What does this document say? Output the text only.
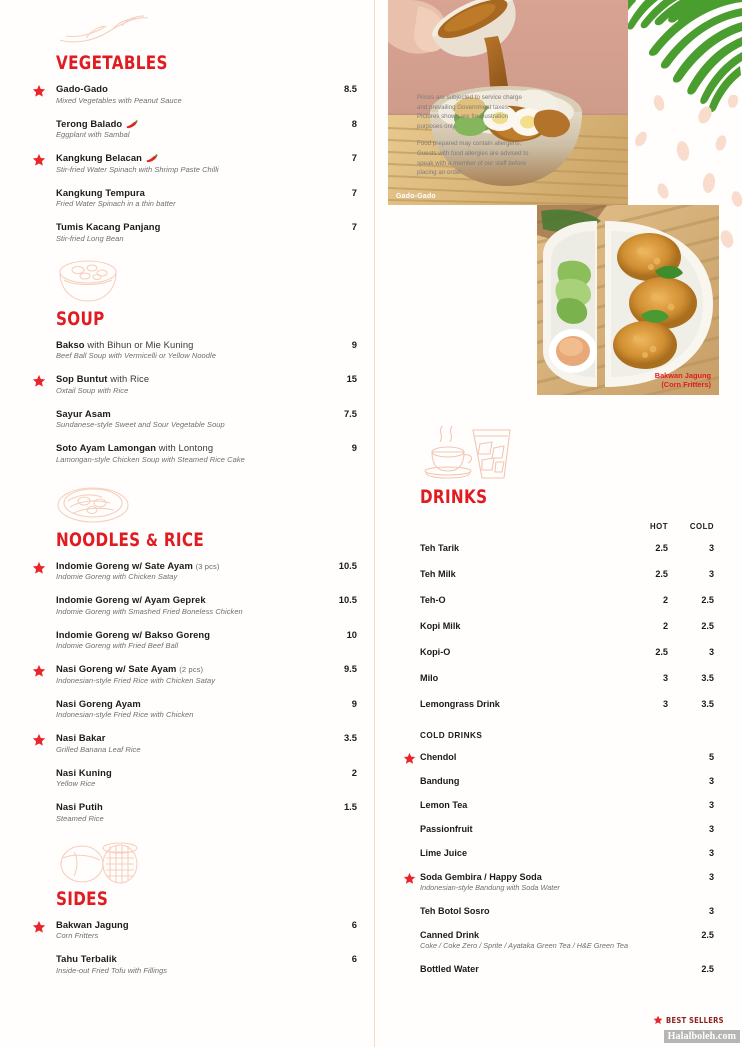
VEGETABLES
Gado-Gado	8.5
Mixed Vegetables with Peanut Sauce
Terong Balado	8
Eggplant with Sambal
Kangkung Belacan	7
Stir-fried Water Spinach with Shrimp Paste Chilli
Kangkung Tempura	7
Fried Water Spinach in a thin batter
Tumis Kacang Panjang	7
Stir-fried Long Bean
SOUP
Bakso with Bihun or Mie Kuning	9
Beef Ball Soup with Vermicelli or Yellow Noodle
Sop Buntut with Rice	15
Oxtail Soup with Rice
Sayur Asam	7.5
Sundanese-style Sweet and Sour Vegetable Soup
Soto Ayam Lamongan with Lontong	9
Lamongan-style Chicken Soup with Steamed Rice Cake
NOODLES & RICE
Indomie Goreng w/ Sate Ayam (3 pcs)	10.5
Indomie Goreng with Chicken Satay
Indomie Goreng w/ Ayam Geprek	10.5
Indomie Goreng with Smashed Fried Boneless Chicken
Indomie Goreng w/ Bakso Goreng	10
Indomie Goreng with Fried Beef Ball
Nasi Goreng w/ Sate Ayam (2 pcs)	9.5
Indonesian-style Fried Rice with Chicken Satay
Nasi Goreng Ayam	9
Indonesian-style Fried Rice with Chicken
Nasi Bakar	3.5
Grilled Banana Leaf Rice
Nasi Kuning	2
Yellow Rice
Nasi Putih	1.5
Steamed Rice
SIDES
Bakwan Jagung	6
Corn Fritters
Tahu Terbalik	6
Inside-out Fried Tofu with Fillings
Gado-Gado

Prices are subjected to service charge and prevailing Government taxes. Pictures shown are for illustration purposes only.

Food prepared may contain allergens. Guests with food allergies are advised to speak with a member of our staff before placing an order.

Bakwan Jagung
(Corn Fritters)
DRINKS
	HOT	COLD
Teh Tarik	2.5	3
Teh Milk	2.5	3
Teh-O	2	2.5
Kopi Milk	2	2.5
Kopi-O	2.5	3
Milo	3	3.5
Lemongrass Drink	3	3.5
COLD DRINKS
Chendol	5
Bandung	3
Lemon Tea	3
Passionfruit	3
Lime Juice	3
Soda Gembira / Happy Soda	3
Indonesian-style Bandung with Soda Water
Teh Botol Sosro	3
Canned Drink	2.5
Coke / Coke Zero / Sprite / Ayataka Green Tea / H&E Green Tea
Bottled Water	2.5
BEST SELLERS
Halalboleh.com
